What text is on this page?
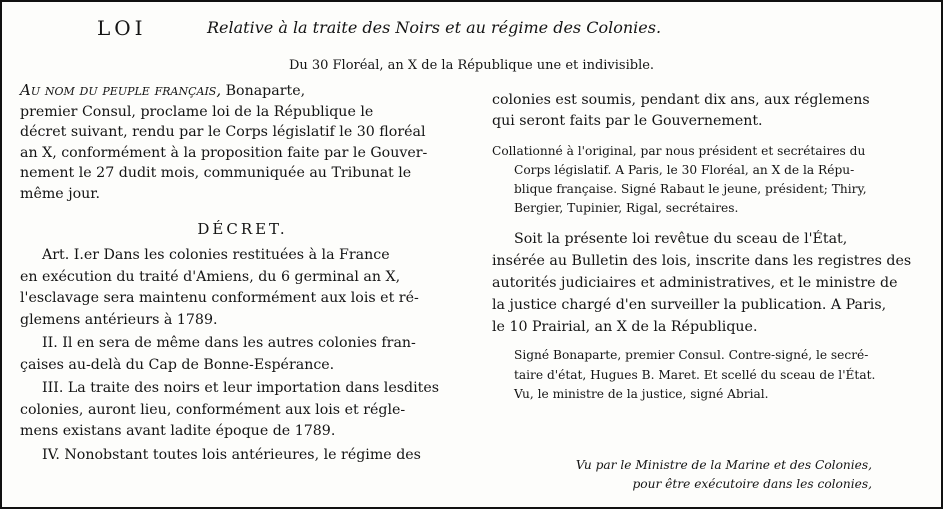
LOI	Relative à la traite des Noirs et au régime des Colonies.
Du 30 Floréal, an X de la République une et indivisible.
Au nom du peuple français, Bonaparte,
premier Consul, proclame loi de la République le
décret suivant, rendu par le Corps législatif le 30 floréal
an X, conformément à la proposition faite par le Gouver-
nement le 27 dudit mois, communiquée au Tribunat le
même jour.
DÉCRET.
Art. I.er Dans les colonies restituées à la France
en exécution du traité d'Amiens, du 6 germinal an X,
l'esclavage sera maintenu conformément aux lois et ré-
glemens antérieurs à 1789.
II. Il en sera de même dans les autres colonies fran-
çaises au-delà du Cap de Bonne-Espérance.
III. La traite des noirs et leur importation dans lesdites
colonies, auront lieu, conformément aux lois et régle-
mens existans avant ladite époque de 1789.
IV. Nonobstant toutes lois antérieures, le régime des
colonies est soumis, pendant dix ans, aux réglemens
qui seront faits par le Gouvernement.
Collationné à l'original, par nous président et secrétaires du
Corps législatif. A Paris, le 30 Floréal, an X de la Répu-
blique française. Signé Rabaut le jeune, président; Thiry,
Bergier, Tupinier, Rigal, secrétaires.
Soit la présente loi revêtue du sceau de l'État,
insérée au Bulletin des lois, inscrite dans les registres des
autorités judiciaires et administratives, et le ministre de
la justice chargé d'en surveiller la publication. A Paris,
le 10 Prairial, an X de la République.
Signé Bonaparte, premier Consul. Contre-signé, le secré-
taire d'état, Hugues B. Maret. Et scellé du sceau de l'État.
Vu, le ministre de la justice, signé Abrial.
Vu par le Ministre de la Marine et des Colonies,
pour être exécutoire dans les colonies,
